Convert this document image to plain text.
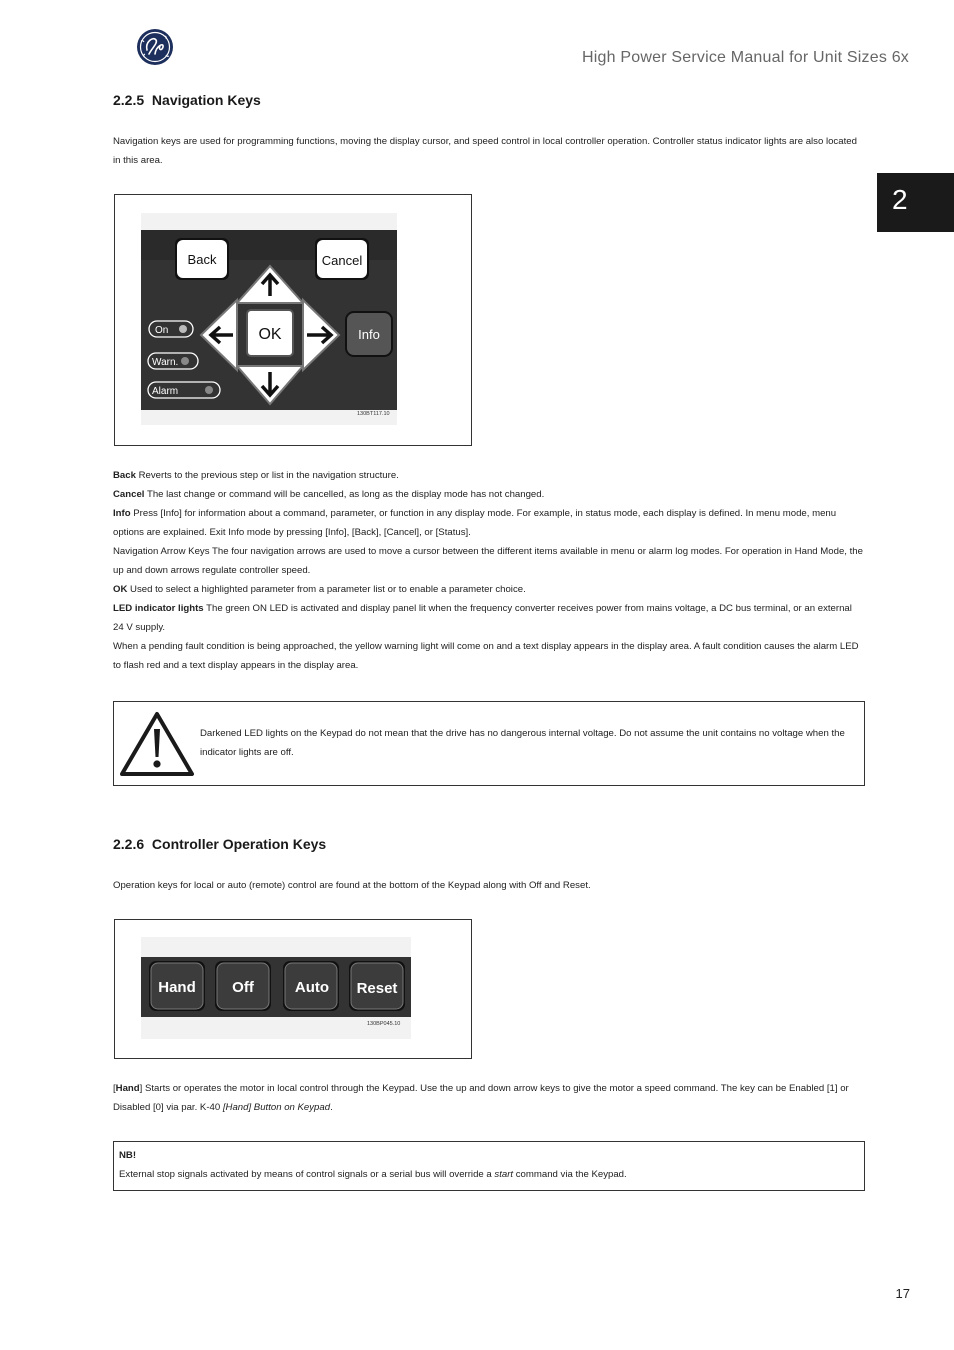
High Power Service Manual for Unit Sizes 6x
2
2.2.5 Navigation Keys
Navigation keys are used for programming functions, moving the display cursor, and speed control in local controller operation. Controller status indicator lights are also located in this area.
Back	Cancel
OK	Info
On
Warn.
Alarm
130BT117.10
Back Reverts to the previous step or list in the navigation structure.
Cancel The last change or command will be cancelled, as long as the display mode has not changed.
Info Press [Info] for information about a command, parameter, or function in any display mode. For example, in status mode, each display is defined. In menu mode, menu options are explained. Exit Info mode by pressing [Info], [Back], [Cancel], or [Status].
Navigation Arrow Keys The four navigation arrows are used to move a cursor between the different items available in menu or alarm log modes. For operation in Hand Mode, the up and down arrows regulate controller speed.
OK Used to select a highlighted parameter from a parameter list or to enable a parameter choice.
LED indicator lights The green ON LED is activated and display panel lit when the frequency converter receives power from mains voltage, a DC bus terminal, or an external 24 V supply.
When a pending fault condition is being approached, the yellow warning light will come on and a text display appears in the display area. A fault condition causes the alarm LED to flash red and a text display appears in the display area.
Darkened LED lights on the Keypad do not mean that the drive has no dangerous internal voltage. Do not assume the unit contains no voltage when the indicator lights are off.
2.2.6 Controller Operation Keys
Operation keys for local or auto (remote) control are found at the bottom of the Keypad along with Off and Reset.
Hand Off	Auto Reset
130BP045.10
[Hand] Starts or operates the motor in local control through the Keypad. Use the up and down arrow keys to give the motor a speed command. The key can be Enabled [1] or Disabled [0] via par. K-40 [Hand] Button on Keypad.
NB!
External stop signals activated by means of control signals or a serial bus will override a start command via the Keypad.
17
